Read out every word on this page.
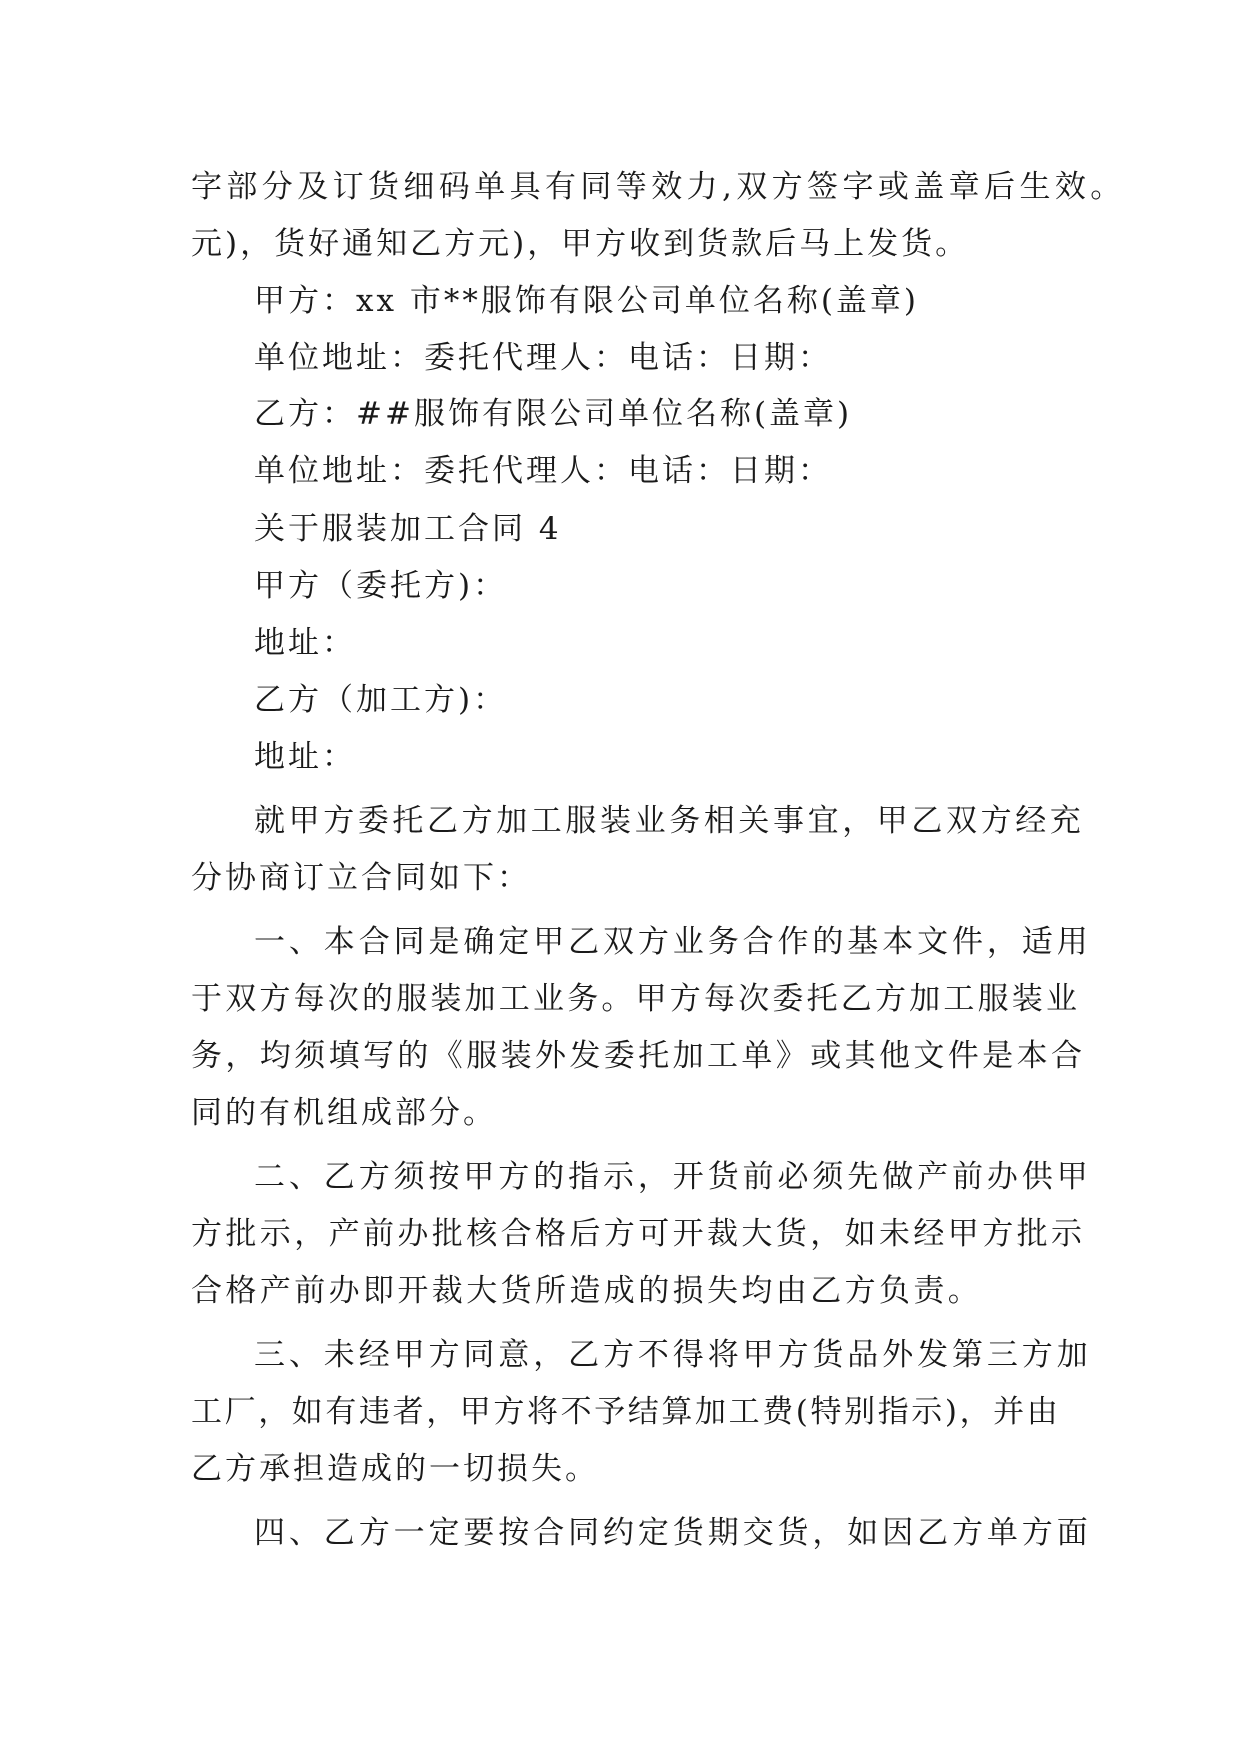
字部分及订货细码单具有同等效力,双方签字或盖章后生效。
元)，货好通知乙方元)，甲方收到货款后马上发货。
甲方：xx 市**服饰有限公司单位名称(盖章)
单位地址：委托代理人：电话：日期：
乙方：##服饰有限公司单位名称(盖章)
单位地址：委托代理人：电话：日期：
关于服装加工合同 4
甲方（委托方)：
地址：
乙方（加工方)：
地址：
就甲方委托乙方加工服装业务相关事宜，甲乙双方经充
分协商订立合同如下：
一、本合同是确定甲乙双方业务合作的基本文件，适用
于双方每次的服装加工业务。甲方每次委托乙方加工服装业
务，均须填写的《服装外发委托加工单》或其他文件是本合
同的有机组成部分。
二、乙方须按甲方的指示，开货前必须先做产前办供甲
方批示，产前办批核合格后方可开裁大货，如未经甲方批示
合格产前办即开裁大货所造成的损失均由乙方负责。
三、未经甲方同意，乙方不得将甲方货品外发第三方加
工厂，如有违者，甲方将不予结算加工费(特别指示)，并由
乙方承担造成的一切损失。
四、乙方一定要按合同约定货期交货，如因乙方单方面
